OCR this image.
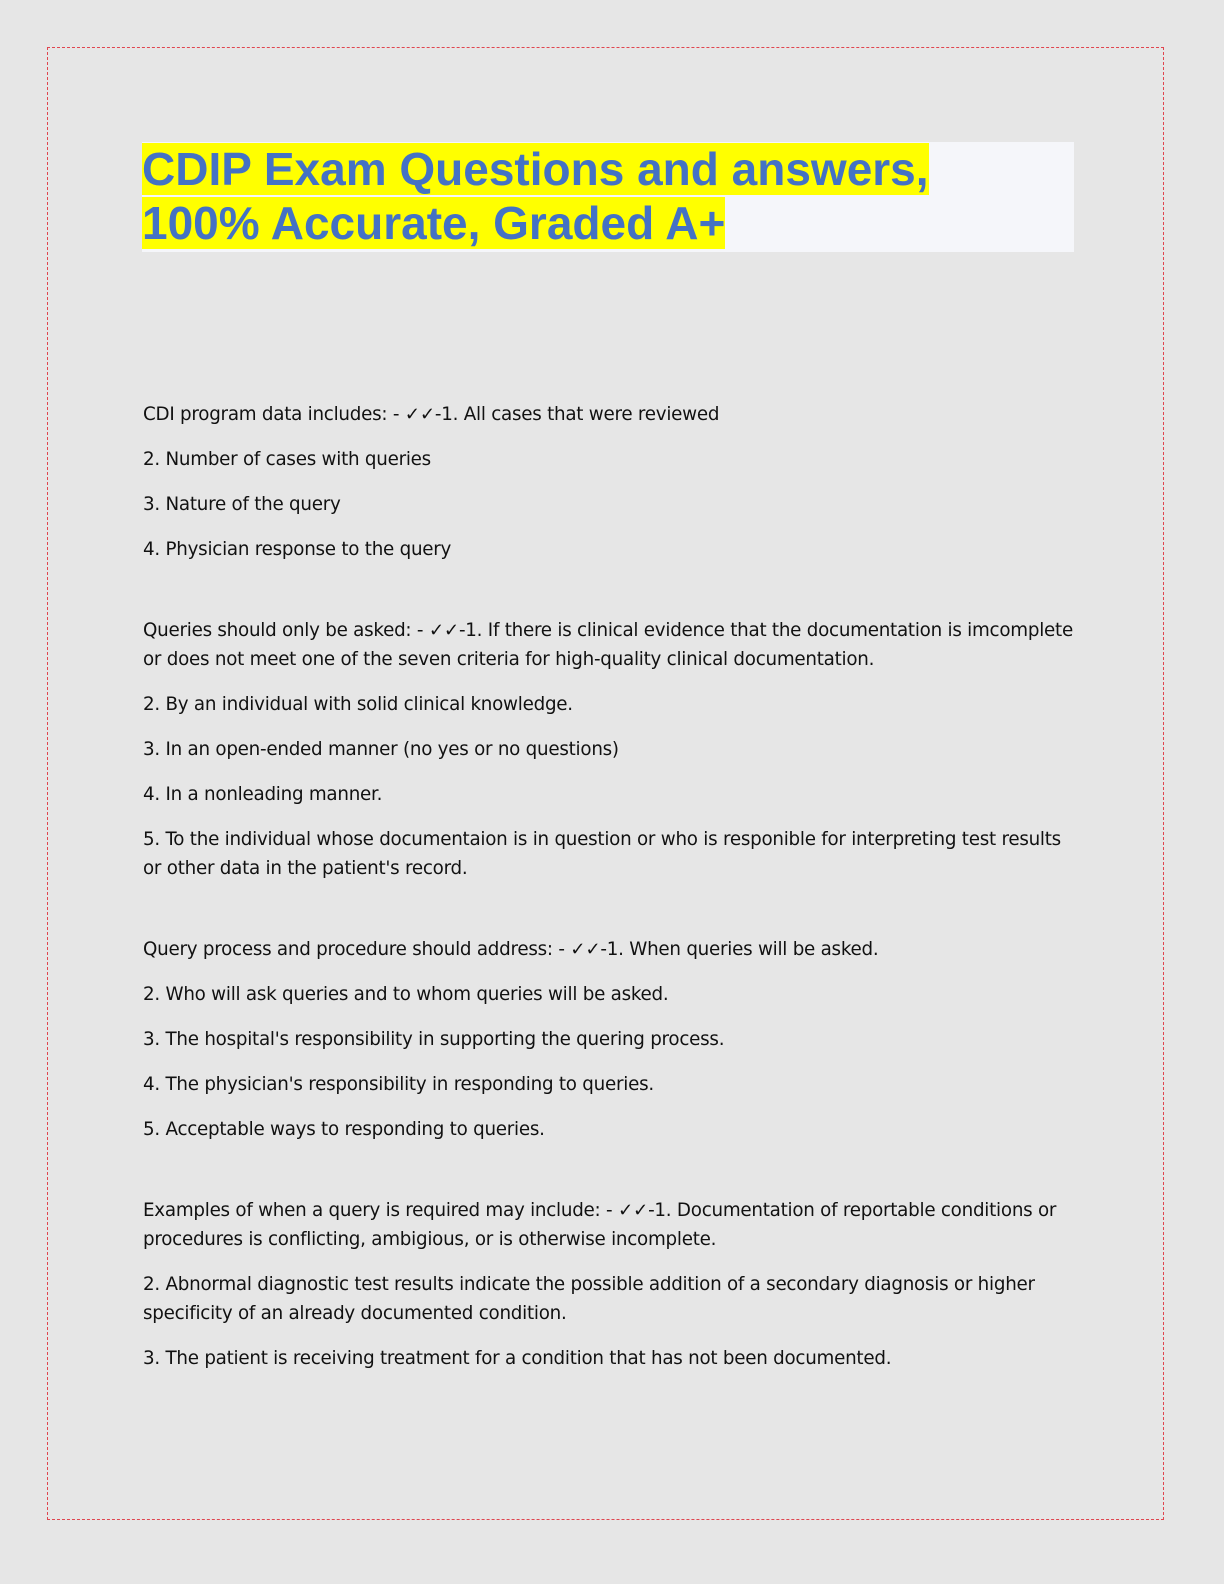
CDIP Exam Questions and answers,
100% Accurate, Graded A+

CDI program data includes: - ✓✓-1. All cases that were reviewed

2. Number of cases with queries

3. Nature of the query

4. Physician response to the query

Queries should only be asked: - ✓✓-1. If there is clinical evidence that the documentation is imcomplete or does not meet one of the seven criteria for high-quality clinical documentation.

2. By an individual with solid clinical knowledge.

3. In an open-ended manner (no yes or no questions)

4. In a nonleading manner.

5. To the individual whose documentaion is in question or who is responible for interpreting test results or other data in the patient's record.

Query process and procedure should address: - ✓✓-1. When queries will be asked.

2. Who will ask queries and to whom queries will be asked.

3. The hospital's responsibility in supporting the quering process.

4. The physician's responsibility in responding to queries.

5. Acceptable ways to responding to queries.

Examples of when a query is required may include: - ✓✓-1. Documentation of reportable conditions or procedures is conflicting, ambigious, or is otherwise incomplete.

2. Abnormal diagnostic test results indicate the possible addition of a secondary diagnosis or higher specificity of an already documented condition.

3. The patient is receiving treatment for a condition that has not been documented.
